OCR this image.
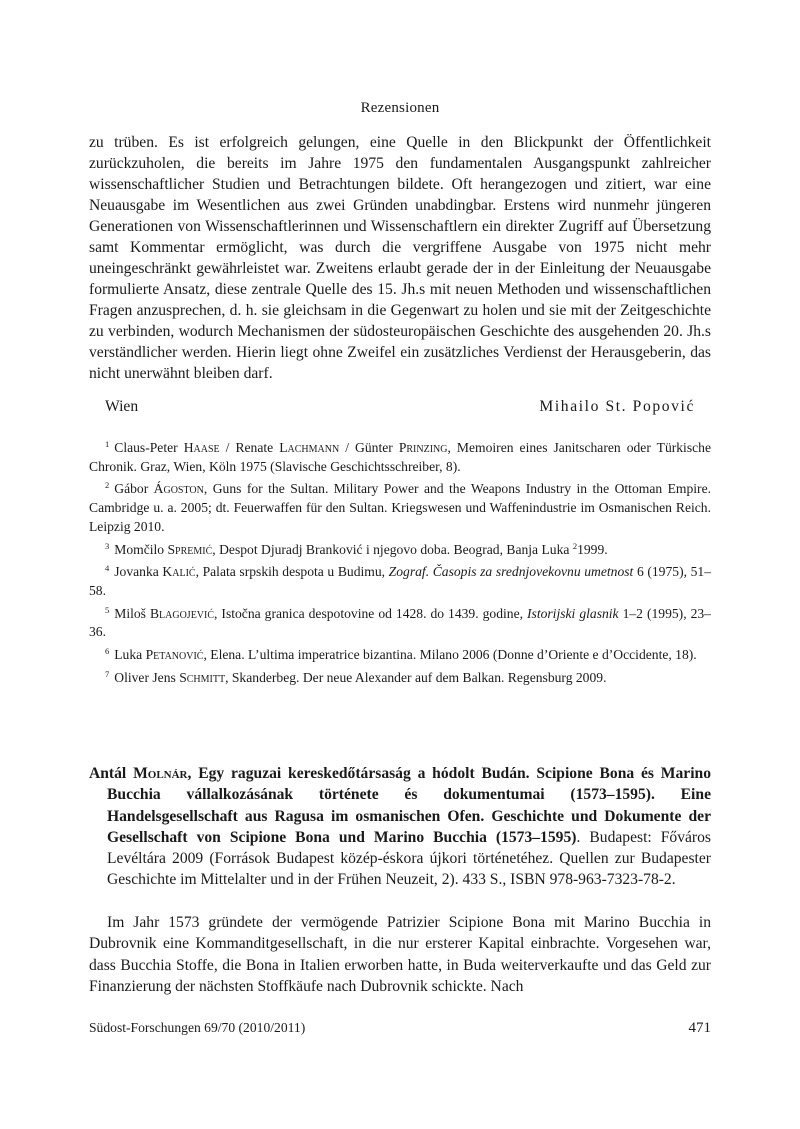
Rezensionen

zu trüben. Es ist erfolgreich gelungen, eine Quelle in den Blickpunkt der Öffentlichkeit zurückzuholen, die bereits im Jahre 1975 den fundamentalen Ausgangspunkt zahlreicher wissenschaftlicher Studien und Betrachtungen bildete. Oft herangezogen und zitiert, war eine Neuausgabe im Wesentlichen aus zwei Gründen unabdingbar. Erstens wird nunmehr jüngeren Generationen von Wissenschaftlerinnen und Wissenschaftlern ein direkter Zugriff auf Übersetzung samt Kommentar ermöglicht, was durch die vergriffene Ausgabe von 1975 nicht mehr uneingeschränkt gewährleistet war. Zweitens erlaubt gerade der in der Einleitung der Neuausgabe formulierte Ansatz, diese zentrale Quelle des 15. Jh.s mit neuen Methoden und wissenschaftlichen Fragen anzusprechen, d. h. sie gleichsam in die Gegenwart zu holen und sie mit der Zeitgeschichte zu verbinden, wodurch Mechanismen der südosteuropäischen Geschichte des ausgehenden 20. Jh.s verständlicher werden. Hierin liegt ohne Zweifel ein zusätzliches Verdienst der Herausgeberin, das nicht unerwähnt bleiben darf.

Wien	Mihailo St. Popović

$^1$ Claus-Peter Haase / Renate Lachmann / Günter Prinzing, Memoiren eines Janitscharen oder Türkische Chronik. Graz, Wien, Köln 1975 (Slavische Geschichtsschreiber, 8).

$^2$ Gábor Ágoston, Guns for the Sultan. Military Power and the Weapons Industry in the Ottoman Empire. Cambridge u. a. 2005; dt. Feuerwaffen für den Sultan. Kriegswesen und Waffenindustrie im Osmanischen Reich. Leipzig 2010.

$^3$ Momčilo Spremić, Despot Djuradj Branković i njegovo doba. Beograd, Banja Luka $^2$1999.

$^4$ Jovanka Kalić, Palata srpskih despota u Budimu, Zograf. Časopis za srednjovekovnu umetnost 6 (1975), 51–58.

$^5$ Miloš Blagojević, Istočna granica despotovine od 1428. do 1439. godine, Istorijski glasnik 1–2 (1995), 23–36.

$^6$ Luka Petanović, Elena. L’ultima imperatrice bizantina. Milano 2006 (Donne d’Oriente e d’Occidente, 18).

$^7$ Oliver Jens Schmitt, Skanderbeg. Der neue Alexander auf dem Balkan. Regensburg 2009.

Antál Molnár, Egy raguzai kereskedőtársaság a hódolt Budán. Scipione Bona és Marino Bucchia vállalkozásának története és dokumentumai (1573–1595). Eine Handelsgesellschaft aus Ragusa im osmanischen Ofen. Geschichte und Dokumente der Gesellschaft von Scipione Bona und Marino Bucchia (1573–1595). Budapest: Főváros Levéltára 2009 (Források Budapest közép-éskora újkori történetéhez. Quellen zur Budapester Geschichte im Mittelalter und in der Frühen Neuzeit, 2). 433 S., ISBN 978-963-7323-78-2.

Im Jahr 1573 gründete der vermögende Patrizier Scipione Bona mit Marino Bucchia in Dubrovnik eine Kommanditgesellschaft, in die nur ersterer Kapital einbrachte. Vorgesehen war, dass Bucchia Stoffe, die Bona in Italien erworben hatte, in Buda weiterverkaufte und das Geld zur Finanzierung der nächsten Stoffkäufe nach Dubrovnik schickte. Nach

Südost-Forschungen 69/70 (2010/2011)	471
